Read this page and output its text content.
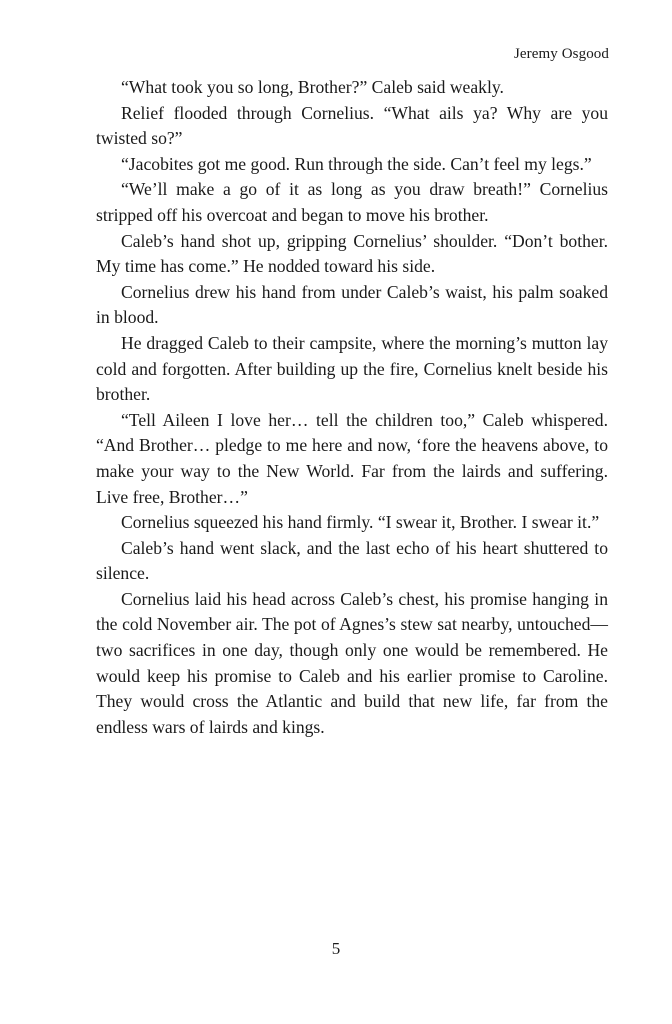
Jeremy Osgood

“What took you so long, Brother?” Caleb said weakly.

Relief flooded through Cornelius. “What ails ya? Why are you twisted so?”

“Jacobites got me good. Run through the side. Can’t feel my legs.”

“We’ll make a go of it as long as you draw breath!” Cornelius stripped off his overcoat and began to move his brother.

Caleb’s hand shot up, gripping Cornelius’ shoulder. “Don’t bother. My time has come.” He nodded toward his side.

Cornelius drew his hand from under Caleb’s waist, his palm soaked in blood.

He dragged Caleb to their campsite, where the morning’s mutton lay cold and forgotten. After building up the fire, Cornelius knelt beside his brother.

“Tell Aileen I love her… tell the children too,” Caleb whispered. “And Brother… pledge to me here and now, ‘fore the heavens above, to make your way to the New World. Far from the lairds and suffering. Live free, Brother…”

Cornelius squeezed his hand firmly. “I swear it, Brother. I swear it.”

Caleb’s hand went slack, and the last echo of his heart shuttered to silence.

Cornelius laid his head across Caleb’s chest, his promise hanging in the cold November air. The pot of Agnes’s stew sat nearby, untouched—two sacrifices in one day, though only one would be remembered. He would keep his promise to Caleb and his earlier promise to Caroline. They would cross the Atlantic and build that new life, far from the endless wars of lairds and kings.

5
